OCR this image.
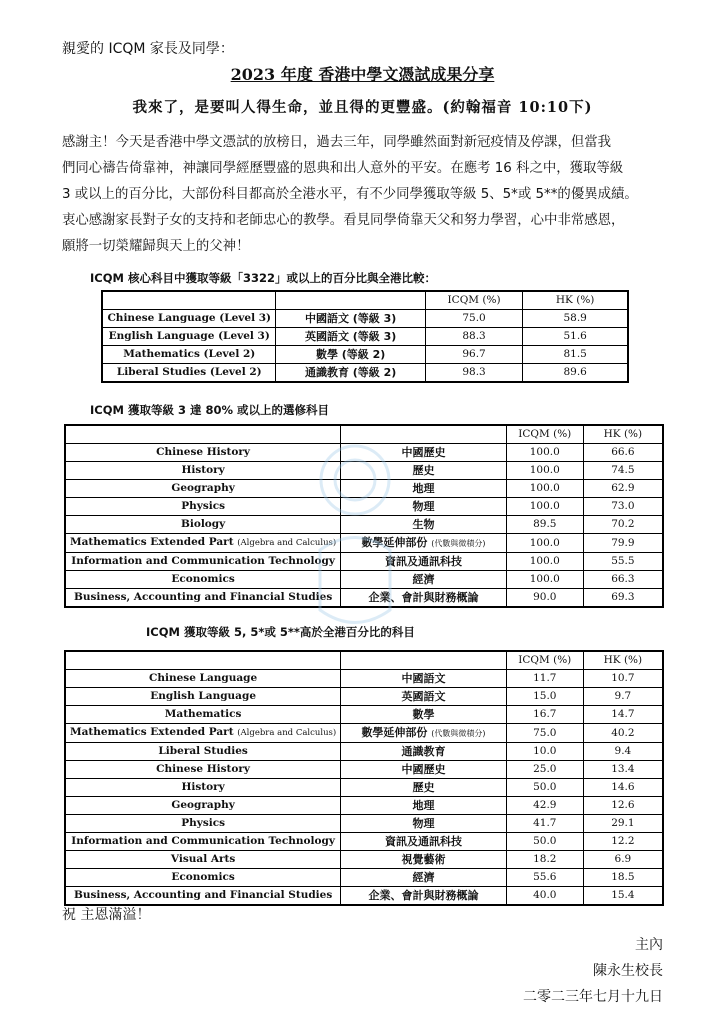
親愛的 ICQM 家長及同學：
2023 年度 香港中學文憑試成果分享
我來了，是要叫人得生命，並且得的更豐盛。(約翰福音 10:10下)
感謝主！今天是香港中學文憑試的放榜日，過去三年，同學雖然面對新冠疫情及停課，但當我
們同心禱告倚靠神，神讓同學經歷豐盛的恩典和出人意外的平安。在應考 16 科之中，獲取等級
3 或以上的百分比，大部份科目都高於全港水平，有不少同學獲取等級 5、5*或 5**的優異成績。
衷心感謝家長對子女的支持和老師忠心的教學。看見同學倚靠天父和努力學習，心中非常感恩，
願將一切榮耀歸與天上的父神！
ICQM 核心科目中獲取等級「3322」或以上的百分比與全港比較：
		ICQM (%)	HK (%)
Chinese Language (Level 3)	中國語文 (等級 3)	75.0	58.9
English Language (Level 3)	英國語文 (等級 3)	88.3	51.6
Mathematics (Level 2)	數學 (等級 2)	96.7	81.5
Liberal Studies (Level 2)	通識教育 (等級 2)	98.3	89.6
ICQM 獲取等級 3 達 80% 或以上的選修科目
		ICQM (%)	HK (%)
Chinese History	中國歷史	100.0	66.6
History	歷史	100.0	74.5
Geography	地理	100.0	62.9
Physics	物理	100.0	73.0
Biology	生物	89.5	70.2
Mathematics Extended Part (Algebra and Calculus)	數學延伸部份 (代數與微積分)	100.0	79.9
Information and Communication Technology	資訊及通訊科技	100.0	55.5
Economics	經濟	100.0	66.3
Business, Accounting and Financial Studies	企業、會計與財務概論	90.0	69.3
ICQM 獲取等級 5, 5*或 5**高於全港百分比的科目
		ICQM (%)	HK (%)
Chinese Language	中國語文	11.7	10.7
English Language	英國語文	15.0	9.7
Mathematics	數學	16.7	14.7
Mathematics Extended Part (Algebra and Calculus)	數學延伸部份 (代數與微積分)	75.0	40.2
Liberal Studies	通識教育	10.0	9.4
Chinese History	中國歷史	25.0	13.4
History	歷史	50.0	14.6
Geography	地理	42.9	12.6
Physics	物理	41.7	29.1
Information and Communication Technology	資訊及通訊科技	50.0	12.2
Visual Arts	視覺藝術	18.2	6.9
Economics	經濟	55.6	18.5
Business, Accounting and Financial Studies	企業、會計與財務概論	40.0	15.4
祝 主恩滿溢！
主內
陳永生校長
二零二三年七月十九日
